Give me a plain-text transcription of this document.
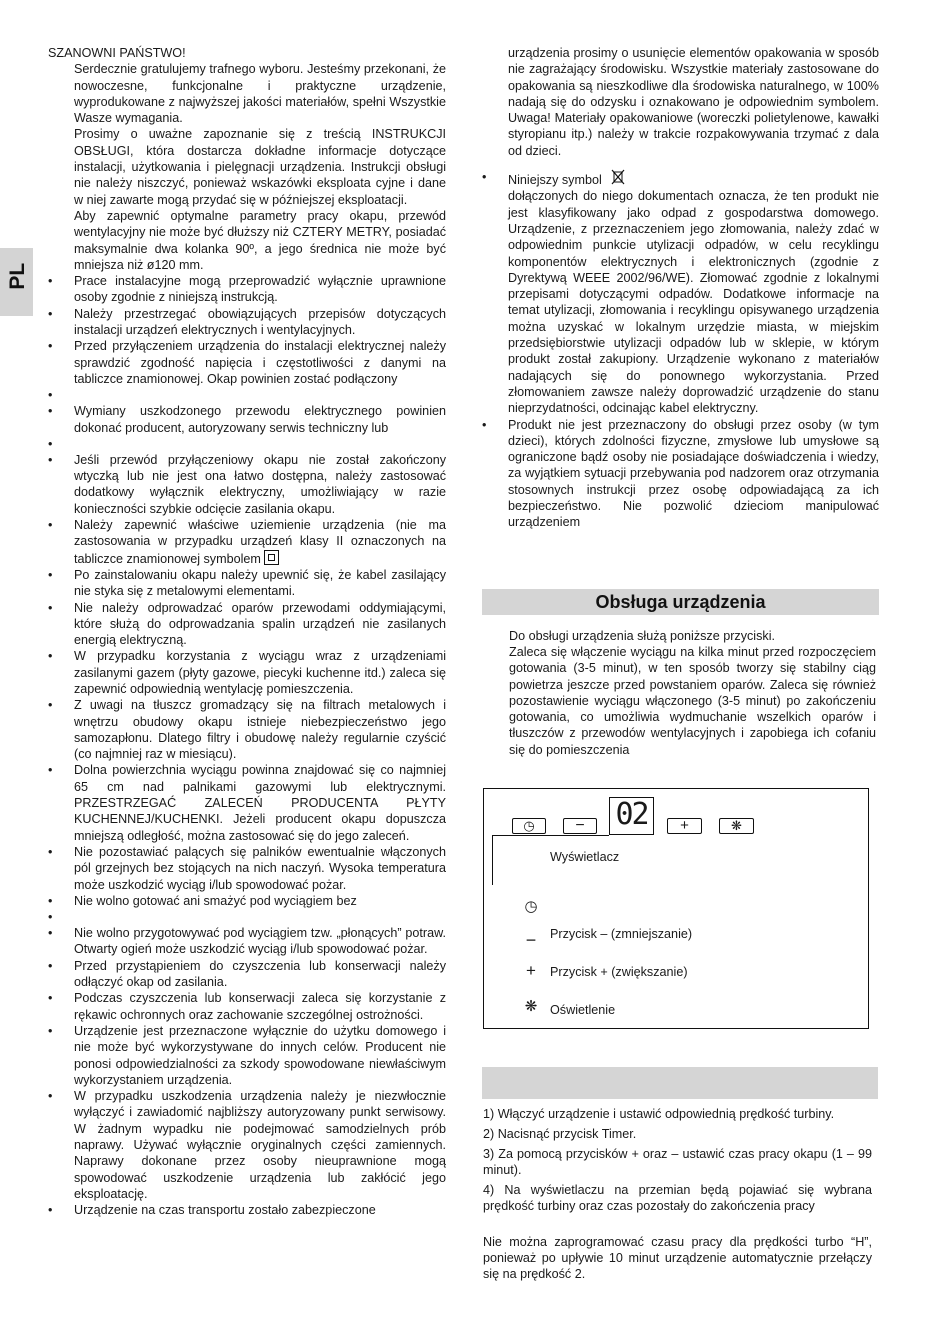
PL

SZANOWNI PAŃSTWO!

Serdecznie gratulujemy trafnego wyboru. Jesteśmy przekonani, że nowoczesne, funkcjonalne i praktyczne urządzenie, wyprodukowane z najwyższej jakości materiałów, spełni Wszystkie Wasze wymagania.

Prosimy o uważne zapoznanie się z treścią INSTRUKCJI OBSŁUGI, która dostarcza dokładne informacje dotyczące instalacji, użytkowania i pielęgnacji urządzenia. Instrukcji obsługi nie należy niszczyć, ponieważ wskazówki eksploata cyjne i dane w niej zawarte mogą przydać się w późniejszej eksploatacji.

Aby zapewnić optymalne parametry pracy okapu, przewód wentylacyjny nie może być dłuższy niż CZTERY METRY, posiadać maksymalnie dwa kolanka 90º, a jego średnica nie może być mniejsza niż ø120 mm.

• Prace instalacyjne mogą przeprowadzić wyłącznie uprawnione osoby zgodnie z niniejszą instrukcją.
• Należy przestrzegać obowiązujących przepisów dotyczących instalacji urządzeń elektrycznych i wentylacyjnych.
• Przed przyłączeniem urządzenia do instalacji elektrycznej należy sprawdzić zgodność napięcia i częstotliwości z danymi na tabliczce znamionowej. Okap powinien zostać podłączony
•
• Wymiany uszkodzonego przewodu elektrycznego powinien dokonać producent, autoryzowany serwis techniczny lub
•
• Jeśli przewód przyłączeniowy okapu nie został zakończony wtyczką lub nie jest ona łatwo dostępna, należy zastosować dodatkowy wyłącznik elektryczny, umożliwiający w razie konieczności szybkie odcięcie zasilania okapu.
• Należy zapewnić właściwe uziemienie urządzenia (nie ma zastosowania w przypadku urządzeń klasy II oznaczonych na tabliczce znamionowej symbolem
• Po zainstalowaniu okapu należy upewnić się, że kabel zasilający nie styka się z metalowymi elementami.
• Nie należy odprowadzać oparów przewodami oddymiającymi, które służą do odprowadzania spalin urządzeń nie zasilanych energią elektryczną.
• W przypadku korzystania z wyciągu wraz z urządzeniami zasilanymi gazem (płyty gazowe, piecyki kuchenne itd.) zaleca się zapewnić odpowiednią wentylację pomieszczenia.
• Z uwagi na tłuszcz gromadzący się na filtrach metalowych i wnętrzu obudowy okapu istnieje niebezpieczeństwo jego samozapłonu. Dlatego filtry i obudowę należy regularnie czyścić (co najmniej raz w miesiącu).
• Dolna powierzchnia wyciągu powinna znajdować się co najmniej 65 cm nad palnikami gazowymi lub elektrycznymi. PRZESTRZEGAĆ ZALECEŃ PRODUCENTA PŁYTY KUCHENNEJ/KUCHENKI. Jeżeli producent okapu dopuszcza mniejszą odległość, można zastosować się do jego zaleceń.
• Nie pozostawiać palących się palników ewentualnie włączonych pól grzejnych bez stojących na nich naczyń. Wysoka temperatura może uszkodzić wyciąg i/lub spowodować pożar.
• Nie wolno gotować ani smażyć pod wyciągiem bez
•
• Nie wolno przygotowywać pod wyciągiem tzw. „płonących” potraw. Otwarty ogień może uszkodzić wyciąg i/lub spowodować pożar.
• Przed przystąpieniem do czyszczenia lub konserwacji należy odłączyć okap od zasilania.
• Podczas czyszczenia lub konserwacji zaleca się korzystanie z rękawic ochronnych oraz zachowanie szczególnej ostrożności.
• Urządzenie jest przeznaczone wyłącznie do użytku domowego i nie może być wykorzystywane do innych celów. Producent nie ponosi odpowiedzialności za szkody spowodowane niewłaściwym wykorzystaniem urządzenia.
• W przypadku uszkodzenia urządzenia należy je niezwłocznie wyłączyć i zawiadomić najbliższy autoryzowany punkt serwisowy. W żadnym wypadku nie podejmować samodzielnych prób naprawy. Używać wyłącznie oryginalnych części zamiennych. Naprawy dokonane przez osoby nieuprawnione mogą spowodować uszkodzenie urządzenia lub zakłócić jego eksploatację.
• Urządzenie na czas transportu zostało zabezpieczone

urządzenia prosimy o usunięcie elementów opakowania w sposób nie zagrażający środowisku. Wszystkie materiały zastosowane do opakowania są nieszkodliwe dla środowiska naturalnego, w 100% nadają się do odzysku i oznakowano je odpowiednim symbolem. Uwaga! Materiały opakowaniowe (woreczki polietylenowe, kawałki styropianu itp.) należy w trakcie rozpakowywania trzymać z dala od dzieci.

• Niniejszy symbol
dołączonych do niego dokumentach oznacza, że ten produkt nie jest klasyfikowany jako odpad z gospodarstwa domowego. Urządzenie, z przeznaczeniem jego złomowania, należy zdać w odpowiednim punkcie utylizacji odpadów, w celu recyklingu komponentów elektrycznych i elektronicznych (zgodnie z Dyrektywą WEEE 2002/96/WE). Złomować zgodnie z lokalnymi przepisami dotyczącymi odpadów. Dodatkowe informacje na temat utylizacji, złomowania i recyklingu opisywanego urządzenia można uzyskać w lokalnym urzędzie miasta, w miejskim przedsiębiorstwie utylizacji odpadów lub w sklepie, w którym produkt został zakupiony. Urządzenie wykonano z materiałów nadających się do ponownego wykorzystania. Przed złomowaniem zawsze należy doprowadzić urządzenie do stanu nieprzydatności, odcinając kabel elektryczny.
• Produkt nie jest przeznaczony do obsługi przez osoby (w tym dzieci), których zdolności fizyczne, zmysłowe lub umysłowe są ograniczone bądź osoby nie posiadające doświadczenia i wiedzy, za wyjątkiem sytuacji przebywania pod nadzorem oraz otrzymania stosownych instrukcji przez osobę odpowiadającą za ich bezpieczeństwo. Nie pozwolić dzieciom manipulować urządzeniem
Obsługa urządzenia

Do obsługi urządzenia służą poniższe przyciski.

Zaleca się włączenie wyciągu na kilka minut przed rozpoczęciem gotowania (3-5 minut), w ten sposób tworzy się stabilny ciąg powietrza jeszcze przed powstaniem oparów. Zaleca się również pozostawienie wyciągu włączonego (3-5 minut) po zakończeniu gotowania, co umożliwia wydmuchanie wszelkich oparów i tłuszczów z przewodów wentylacyjnych i zapobiega ich cofaniu się do pomieszczenia

◷	−	02	+	❋
Wyświetlacz
◷
− Przycisk – (zmniejszanie)
+ Przycisk + (zwiększanie)
❋ Oświetlenie

1) Włączyć urządzenie i ustawić odpowiednią prędkość turbiny.

2) Nacisnąć przycisk Timer.

3) Za pomocą przycisków + oraz – ustawić czas pracy okapu (1 – 99 minut).

4) Na wyświetlaczu na przemian będą pojawiać się wybrana prędkość turbiny oraz czas pozostały do zakończenia pracy

Nie można zaprogramować czasu pracy dla prędkości turbo “H”, ponieważ po upływie 10 minut urządzenie automatycznie przełączy się na prędkość 2.
